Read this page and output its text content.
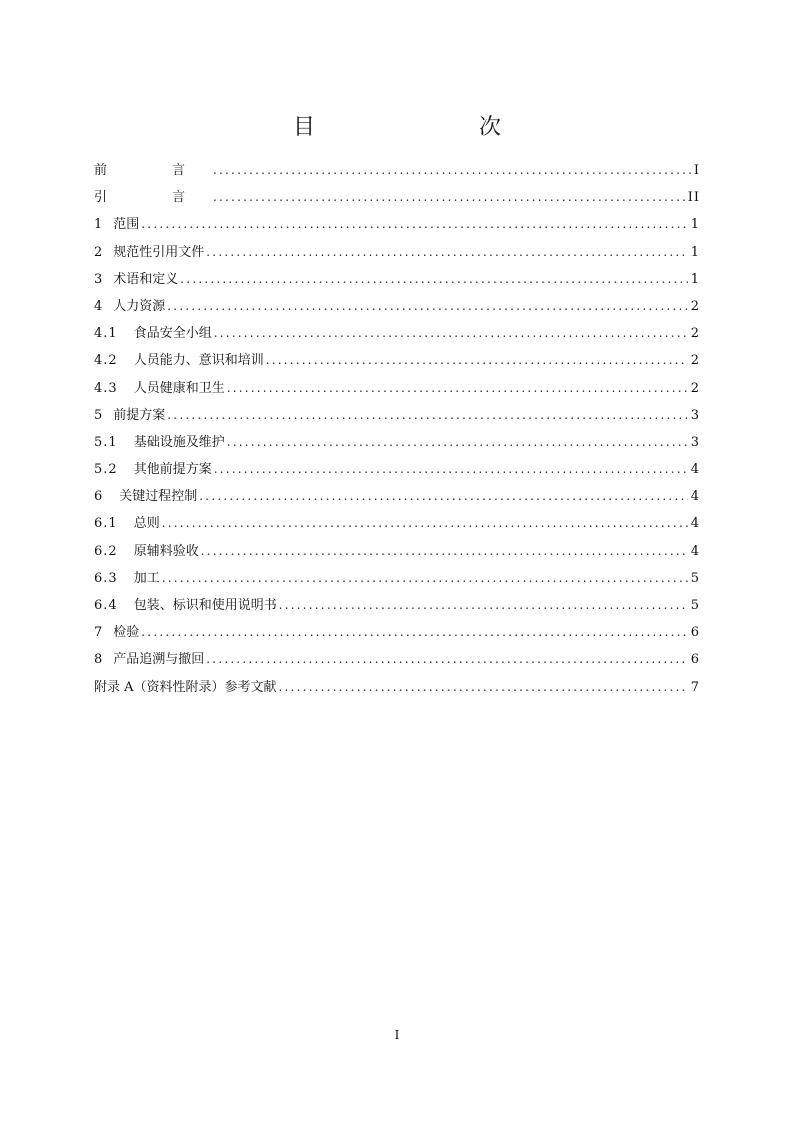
目　　次
前　言 .....	I
引　言 .....	II
1 范围 .....	1
2 规范性引用文件 .....	1
3 术语和定义 .....	1
4 人力资源 .....	2
4.1 食品安全小组 .....	2
4.2 人员能力、意识和培训 .....	2
4.3 人员健康和卫生 .....	2
5 前提方案 .....	3
5.1 基础设施及维护 .....	3
5.2 其他前提方案 .....	4
6 关键过程控制 .....	4
6.1 总则 .....	4
6.2 原辅料验收 .....	4
6.3 加工 .....	5
6.4 包装、标识和使用说明书 .....	5
7 检验 .....	6
8 产品追溯与撤回 .....	6
附录 A（资料性附录）参考文献 .....	7
I
